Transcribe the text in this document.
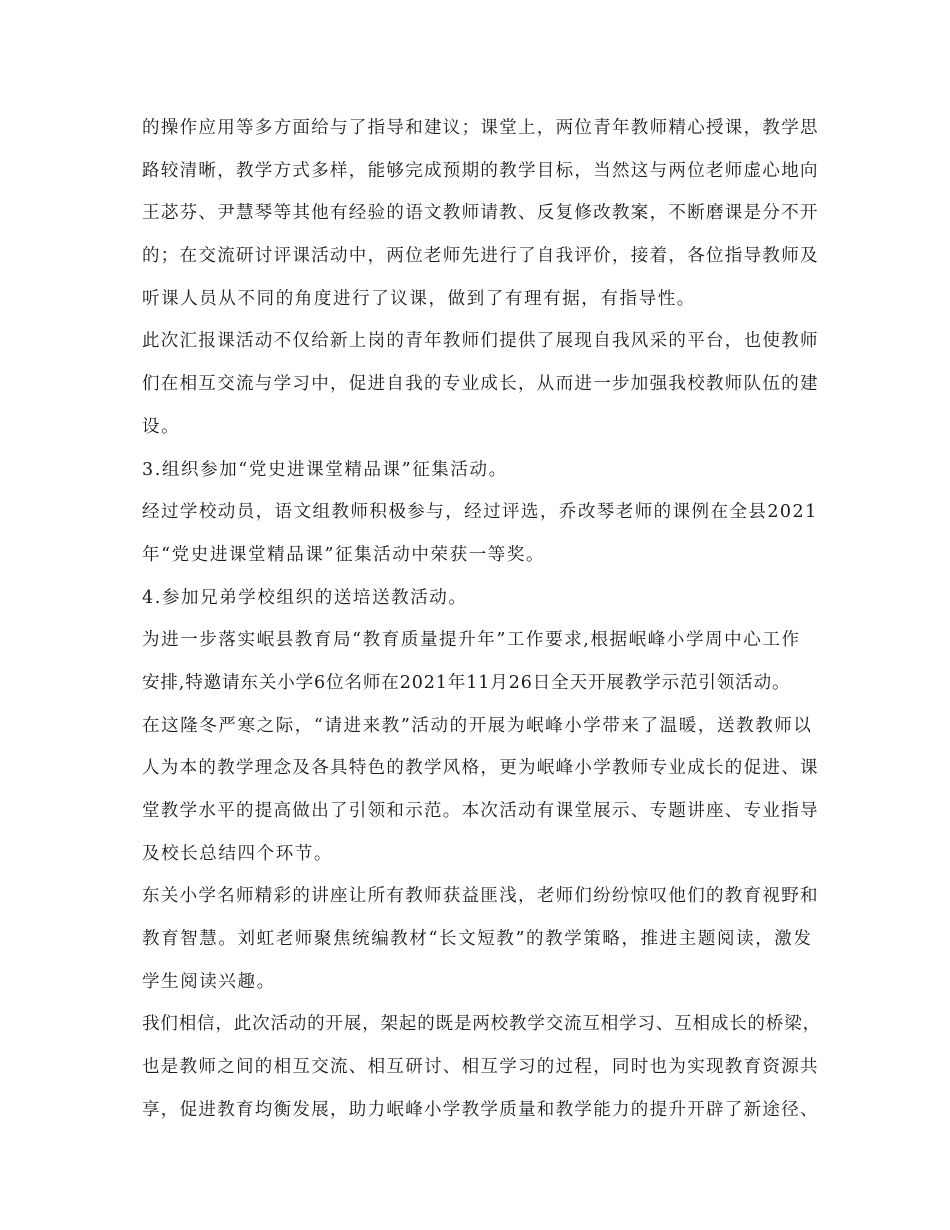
的操作应用等多方面给与了指导和建议；课堂上，两位青年教师精心授课，教学思
路较清晰，教学方式多样，能够完成预期的教学目标，当然这与两位老师虚心地向
王苾芬、尹慧琴等其他有经验的语文教师请教、反复修改教案，不断磨课是分不开
的；在交流研讨评课活动中，两位老师先进行了自我评价，接着，各位指导教师及
听课人员从不同的角度进行了议课，做到了有理有据，有指导性。
此次汇报课活动不仅给新上岗的青年教师们提供了展现自我风采的平台，也使教师
们在相互交流与学习中，促进自我的专业成长，从而进一步加强我校教师队伍的建
设。
3.组织参加“党史进课堂精品课”征集活动。
经过学校动员，语文组教师积极参与，经过评选，乔改琴老师的课例在全县2021
年“党史进课堂精品课”征集活动中荣获一等奖。
4.参加兄弟学校组织的送培送教活动。
为进一步落实岷县教育局“教育质量提升年”工作要求,根据岷峰小学周中心工作
安排,特邀请东关小学6位名师在2021年11月26日全天开展教学示范引领活动。
在这隆冬严寒之际，“请进来教”活动的开展为岷峰小学带来了温暖，送教教师以
人为本的教学理念及各具特色的教学风格，更为岷峰小学教师专业成长的促进、课
堂教学水平的提高做出了引领和示范。本次活动有课堂展示、专题讲座、专业指导
及校长总结四个环节。
东关小学名师精彩的讲座让所有教师获益匪浅，老师们纷纷惊叹他们的教育视野和
教育智慧。刘虹老师聚焦统编教材“长文短教”的教学策略，推进主题阅读，激发
学生阅读兴趣。
我们相信，此次活动的开展，架起的既是两校教学交流互相学习、互相成长的桥梁，
也是教师之间的相互交流、相互研讨、相互学习的过程，同时也为实现教育资源共
享，促进教育均衡发展，助力岷峰小学教学质量和教学能力的提升开辟了新途径、
